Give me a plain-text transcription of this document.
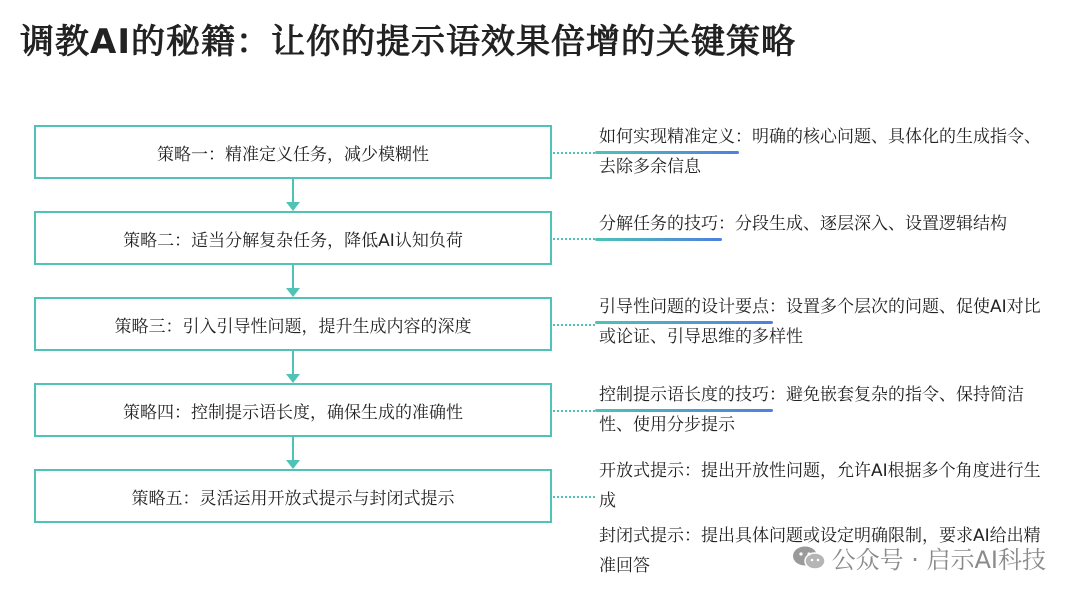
调教AI的秘籍：让你的提示语效果倍增的关键策略
策略一：精准定义任务，减少模糊性
策略二：适当分解复杂任务，降低AI认知负荷
策略三：引入引导性问题，提升生成内容的深度
策略四：控制提示语长度，确保生成的准确性
策略五：灵活运用开放式提示与封闭式提示
如何实现精准定义
：明确的核心问题、具体化的生成指令、去除多余信息
分解任务的技巧
：分段生成、逐层深入、设置逻辑结构
引导性问题的设计要点
：设置多个层次的问题、促使AI对比或论证、引导思维的多样性
控制提示语长度的技巧
：避免嵌套复杂的指令、保持简洁性、使用分步提示
开放式提示：提出开放性问题，允许AI根据多个角度进行生成
封闭式提示：提出具体问题或设定明确限制，要求AI给出精准回答	公众号 · 启示AI科技
